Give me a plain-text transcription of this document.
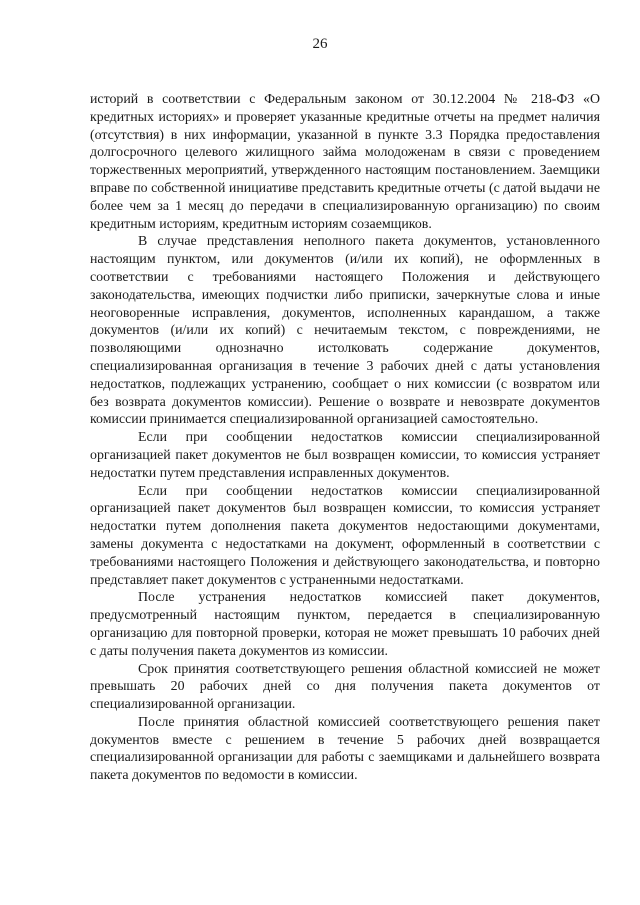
26

историй в соответствии с Федеральным законом от 30.12.2004 № 218-ФЗ «О кредитных историях» и проверяет указанные кредитные отчеты на предмет наличия (отсутствия) в них информации, указанной в пункте 3.3 Порядка предоставления долгосрочного целевого жилищного займа молодоженам в связи с проведением торжественных мероприятий, утвержденного настоящим постановлением. Заемщики вправе по собственной инициативе представить кредитные отчеты (с датой выдачи не более чем за 1 месяц до передачи в специализированную организацию) по своим кредитным историям, кредитным историям созаемщиков.

В случае представления неполного пакета документов, установленного настоящим пунктом, или документов (и/или их копий), не оформленных в соответствии с требованиями настоящего Положения и действующего законодательства, имеющих подчистки либо приписки, зачеркнутые слова и иные неоговоренные исправления, документов, исполненных карандашом, а также документов (и/или их копий) с нечитаемым текстом, с повреждениями, не позволяющими однозначно истолковать содержание документов, специализированная организация в течение 3 рабочих дней с даты установления недостатков, подлежащих устранению, сообщает о них комиссии (с возвратом или без возврата документов комиссии). Решение о возврате и невозврате документов комиссии принимается специализированной организацией самостоятельно.

Если при сообщении недостатков комиссии специализированной организацией пакет документов не был возвращен комиссии, то комиссия устраняет недостатки путем представления исправленных документов.

Если при сообщении недостатков комиссии специализированной организацией пакет документов был возвращен комиссии, то комиссия устраняет недостатки путем дополнения пакета документов недостающими документами, замены документа с недостатками на документ, оформленный в соответствии с требованиями настоящего Положения и действующего законодательства, и повторно представляет пакет документов с устраненными недостатками.

После устранения недостатков комиссией пакет документов, предусмотренный настоящим пунктом, передается в специализированную организацию для повторной проверки, которая не может превышать 10 рабочих дней с даты получения пакета документов из комиссии.

Срок принятия соответствующего решения областной комиссией не может превышать 20 рабочих дней со дня получения пакета документов от специализированной организации.

После принятия областной комиссией соответствующего решения пакет документов вместе с решением в течение 5 рабочих дней возвращается специализированной организации для работы с заемщиками и дальнейшего возврата пакета документов по ведомости в комиссии.
